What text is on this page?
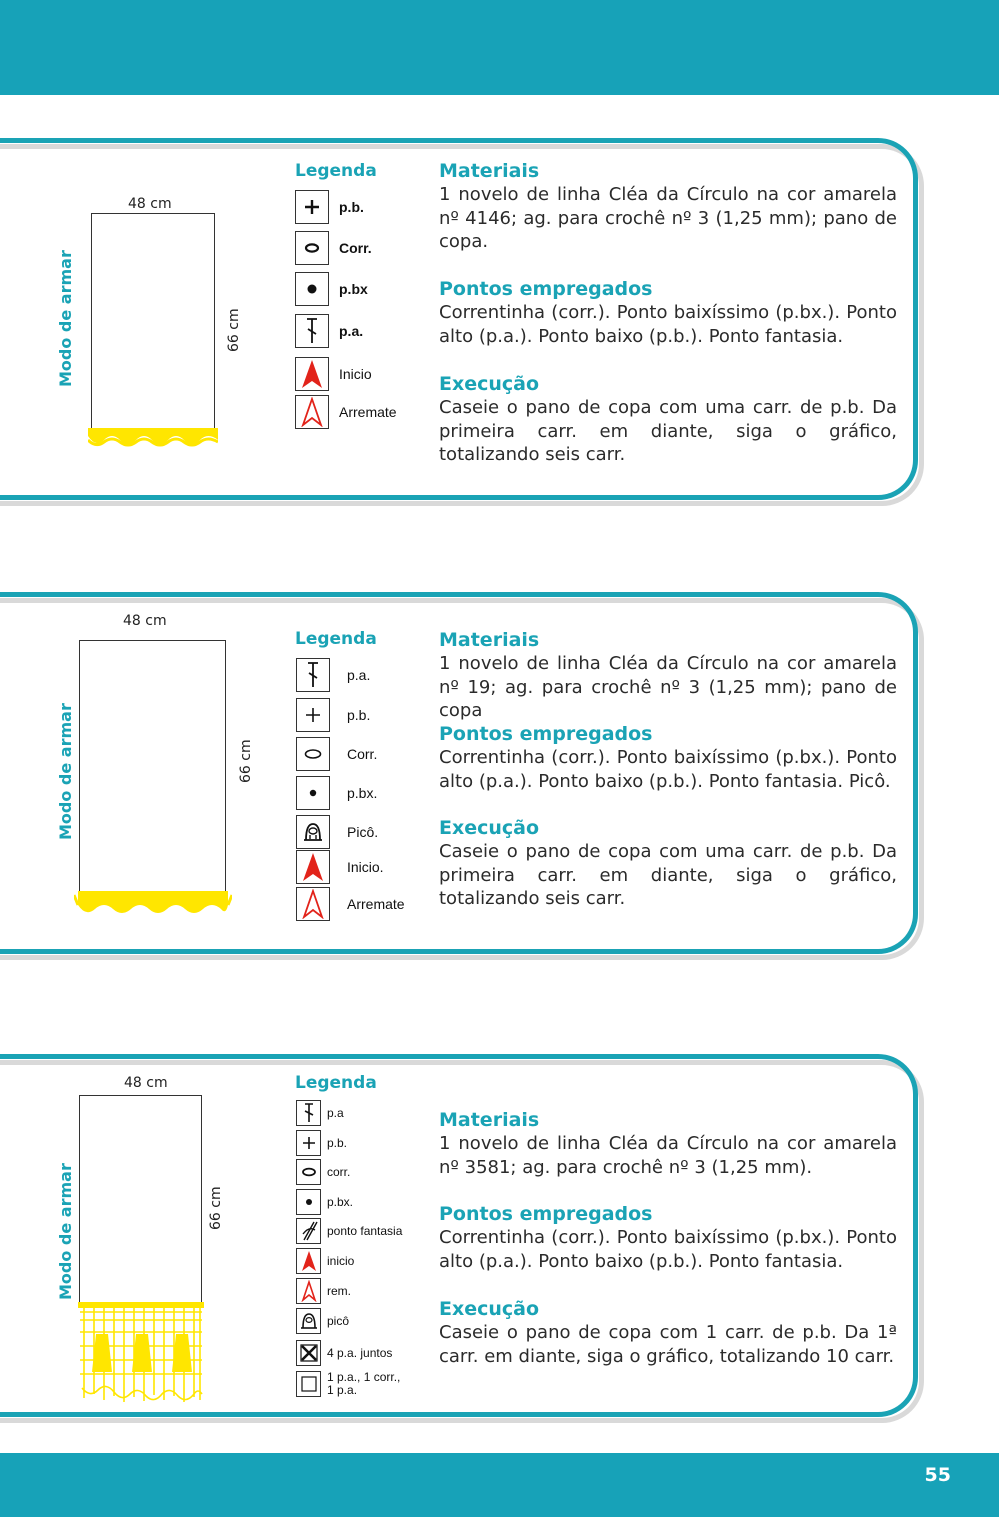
Modo de armar
48 cm
66 cm
Legenda
p.b.
Corr.
p.bx
p.a.
Inicio
Arremate
Materiais
1 novelo de linha Cléa da Círculo na cor amarela nº 4146; ag. para crochê nº 3 (1,25 mm); pano de copa.
Pontos empregados
Correntinha (corr.). Ponto baixíssimo (p.bx.). Ponto alto (p.a.). Ponto baixo (p.b.). Ponto fantasia.
Execução
Caseie o pano de copa com uma carr. de p.b. Da primeira carr. em diante, siga o gráfico, totalizando seis carr.
Modo de armar
48 cm
66 cm
Legenda
p.a.
p.b.
Corr.
p.bx.
Picô.
Inicio.
Arremate
Materiais
1 novelo de linha Cléa da Círculo na cor amarela nº 19; ag. para crochê nº 3 (1,25 mm); pano de copa
Pontos empregados
Correntinha (corr.). Ponto baixíssimo (p.bx.). Ponto alto (p.a.). Ponto baixo (p.b.). Ponto fantasia. Picô.
Execução
Caseie o pano de copa com uma carr. de p.b. Da primeira carr. em diante, siga o gráfico, totalizando seis carr.
Modo de armar
48 cm
66 cm
Legenda
p.a
p.b.
corr.
p.bx.
ponto fantasia
inicio
rem.
picô
4 p.a. juntos
1 p.a., 1 corr., 1 p.a.
Materiais
1 novelo de linha Cléa da Círculo na cor amarela nº 3581; ag. para crochê nº 3 (1,25 mm).
Pontos empregados
Correntinha (corr.). Ponto baixíssimo (p.bx.). Ponto alto (p.a.). Ponto baixo (p.b.). Ponto fantasia.
Execução
Caseie o pano de copa com 1 carr. de p.b. Da 1ª carr. em diante, siga o gráfico, totalizando 10 carr.
55
